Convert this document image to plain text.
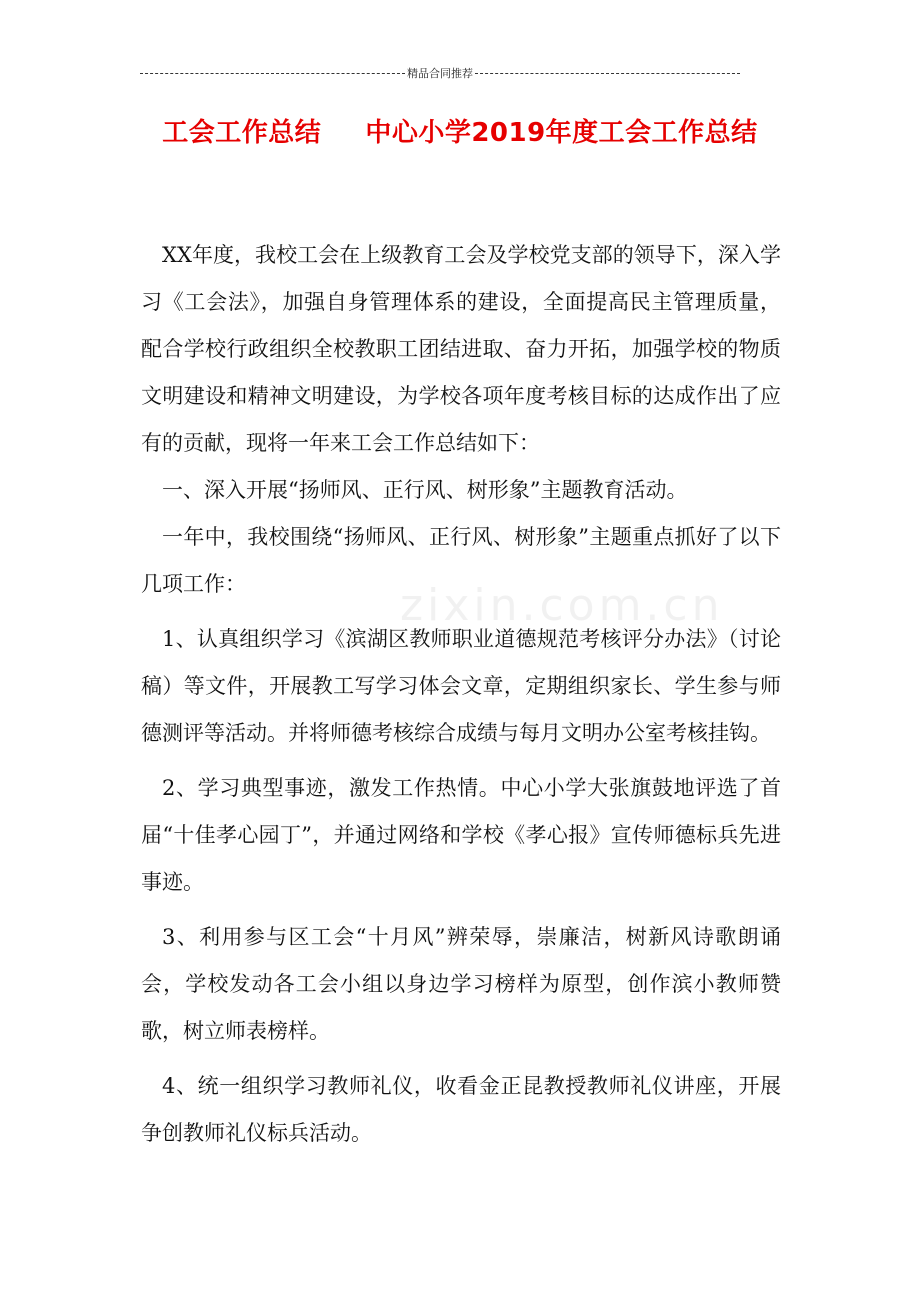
精品合同推荐
工会工作总结 中心小学2019年度工会工作总结
zixin.com.cn

XX年度，我校工会在上级教育工会及学校党支部的领导下，深入学习《工会法》，加强自身管理体系的建设，全面提高民主管理质量，配合学校行政组织全校教职工团结进取、奋力开拓，加强学校的物质文明建设和精神文明建设，为学校各项年度考核目标的达成作出了应有的贡献，现将一年来工会工作总结如下：

一、深入开展“扬师风、正行风、树形象”主题教育活动。

一年中，我校围绕“扬师风、正行风、树形象”主题重点抓好了以下几项工作：

1、认真组织学习《滨湖区教师职业道德规范考核评分办法》（讨论稿）等文件，开展教工写学习体会文章，定期组织家长、学生参与师德测评等活动。并将师德考核综合成绩与每月文明办公室考核挂钩。

2、学习典型事迹，激发工作热情。中心小学大张旗鼓地评选了首届“十佳孝心园丁”，并通过网络和学校《孝心报》宣传师德标兵先进事迹。

3、利用参与区工会“十月风”辨荣辱，崇廉洁，树新风诗歌朗诵会，学校发动各工会小组以身边学习榜样为原型，创作滨小教师赞歌，树立师表榜样。

4、统一组织学习教师礼仪，收看金正昆教授教师礼仪讲座，开展争创教师礼仪标兵活动。
